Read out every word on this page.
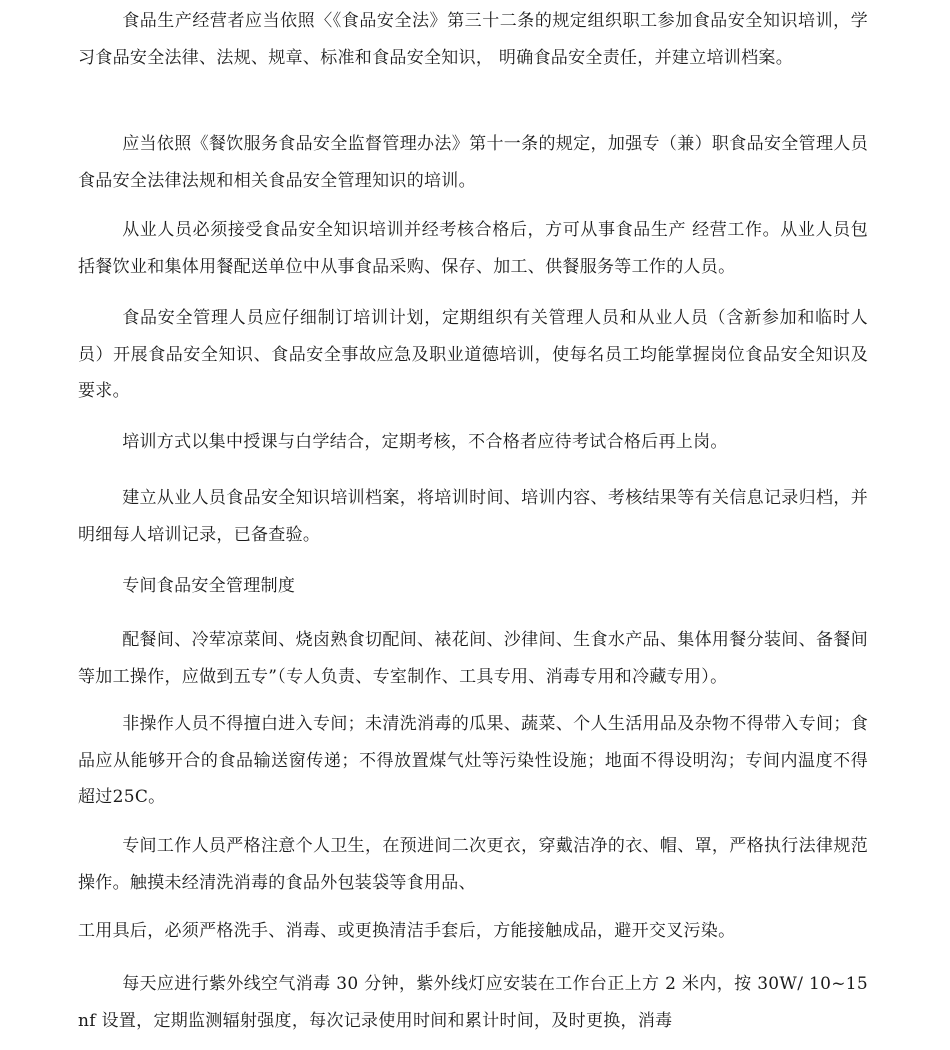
食品生产经营者应当依照〈《食品安全法》第三十二条的规定组织职工参加食品安全知识培训，学习食品安全法律、法规、规章、标准和食品安全知识， 明确食品安全责任，并建立培训档案。

应当依照《餐饮服务食品安全监督管理办法》第十一条的规定，加强专（兼）职食品安全管理人员食品安全法律法规和相关食品安全管理知识的培训。

从业人员必须接受食品安全知识培训并经考核合格后，方可从事食品生产 经营工作。从业人员包括餐饮业和集体用餐配送单位中从事食品采购、保存、加工、供餐服务等工作的人员。

食品安全管理人员应仔细制订培训计划，定期组织有关管理人员和从业人员（含新参加和临时人员）开展食品安全知识、食品安全事故应急及职业道德培训，使每名员工均能掌握岗位食品安全知识及要求。

培训方式以集中授课与白学结合，定期考核，不合格者应待考试合格后再上岗。

建立从业人员食品安全知识培训档案，将培训时间、培训内容、考核结果等有关信息记录归档，并明细每人培训记录，已备查验。

专间食品安全管理制度

配餐间、冷荤凉菜间、烧卤熟食切配间、裱花间、沙律间、生食水产品、集体用餐分装间、备餐间等加工操作，应做到五专”（专人负责、专室制作、工具专用、消毒专用和冷藏专用）。

非操作人员不得擅白进入专间；未清洗消毒的瓜果、蔬菜、个人生活用品及杂物不得带入专间；食品应从能够开合的食品输送窗传递；不得放置煤气灶等污染性设施；地面不得设明沟；专间内温度不得超过25C。

专间工作人员严格注意个人卫生，在预进间二次更衣，穿戴洁净的衣、帽、罩，严格执行法律规范操作。触摸未经清洗消毒的食品外包装袋等食用品、

工用具后，必须严格洗手、消毒、或更换清洁手套后，方能接触成品，避开交叉污染。

每天应进行紫外线空气消毒 30 分钟，紫外线灯应安装在工作台正上方 2 米内，按 30W/ 10~15 nf 设置，定期监测辐射强度，每次记录使用时间和累计时间，及时更换，消毒
